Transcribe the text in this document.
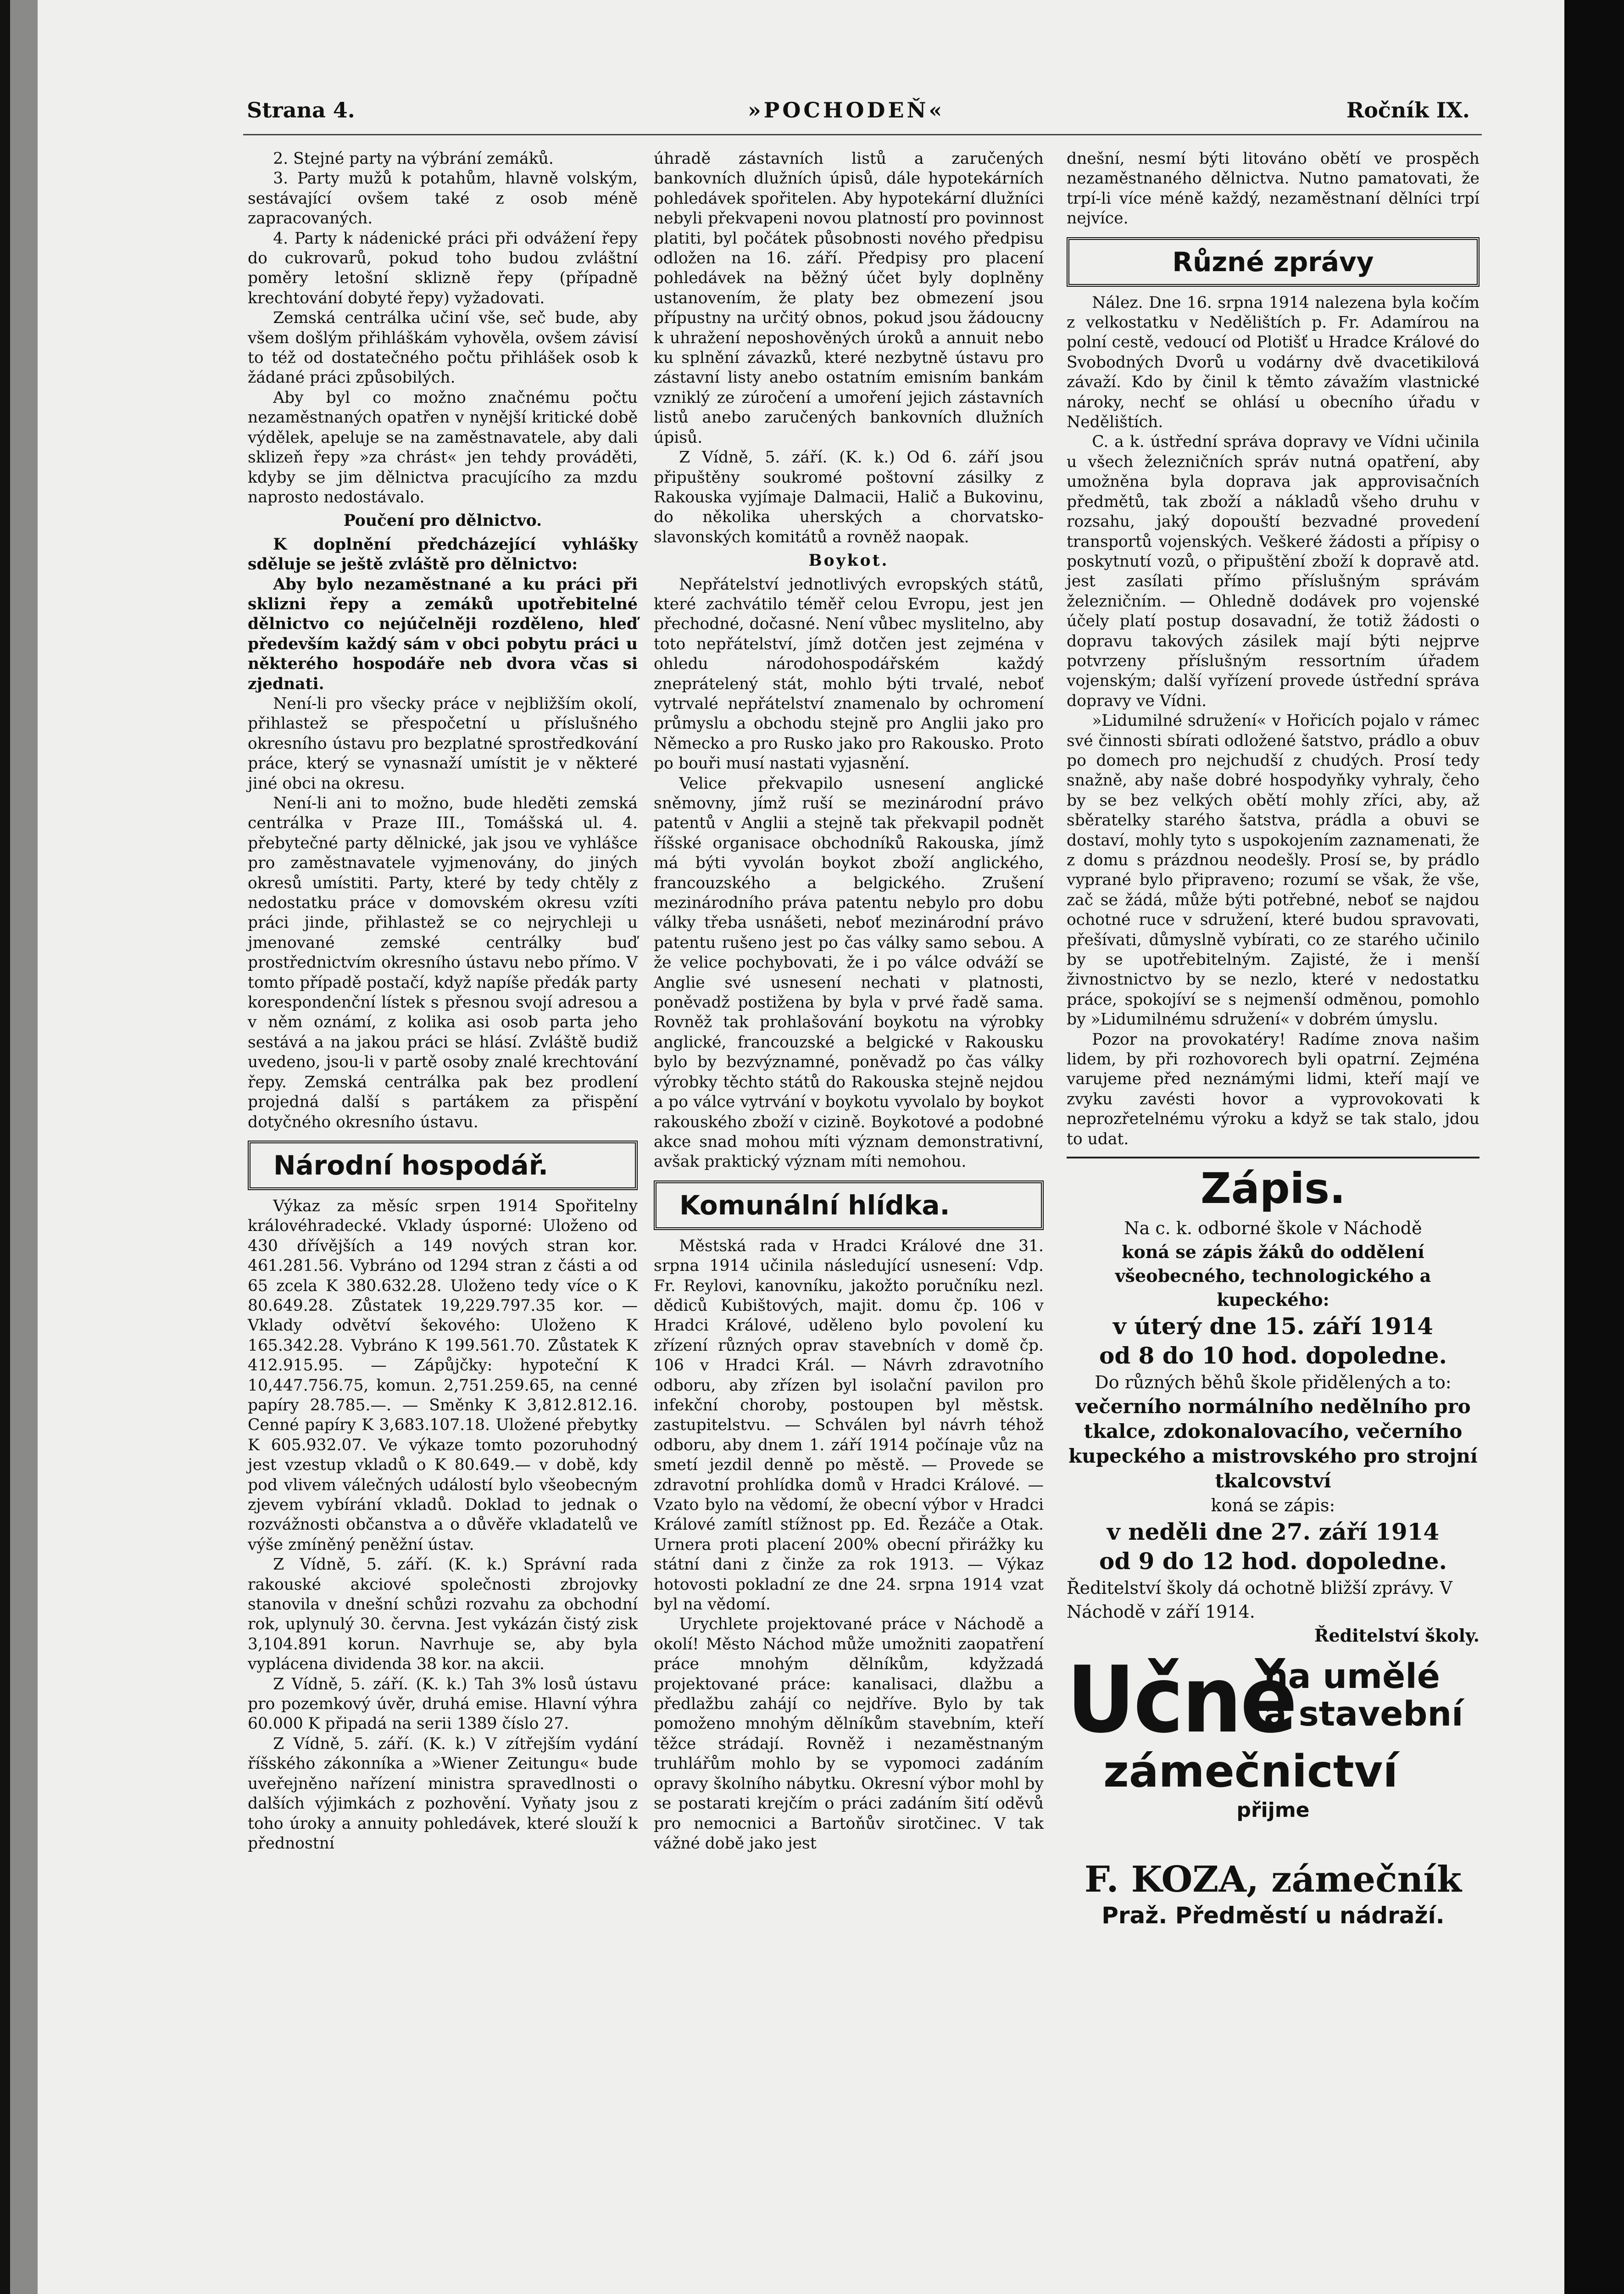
Strana 4.	»POCHODEŇ«	Ročník IX.

2. Stejné party na výbrání zemáků.

3. Party mužů k potahům, hlavně volským, sestávající ovšem také z osob méně zapracovaných.

4. Party k nádenické práci při odvážení řepy do cukrovarů, pokud toho budou zvláštní poměry letošní sklizně řepy (případně krechtování dobyté řepy) vyžadovati.

Zemská centrálka učiní vše, seč bude, aby všem došlým přihláškám vyhověla, ovšem závisí to též od dostatečného počtu přihlášek osob k žádané práci způsobilých.

Aby byl co možno značnému počtu nezaměstnaných opatřen v nynější kritické době výdělek, apeluje se na zaměstnavatele, aby dali sklizeň řepy »za chrást« jen tehdy prováděti, kdyby se jim dělnictva pracujícího za mzdu naprosto nedostávalo.

Poučení pro dělnictvo.

K doplnění předcházející vyhlášky sděluje se ještě zvláště pro dělnictvo:

Aby bylo nezaměstnané a ku práci při sklizni řepy a zemáků upotřebitelné dělnictvo co nejúčelněji rozděleno, hleď především každý sám v obci pobytu práci u některého hospodáře neb dvora včas si zjednati.

Není-li pro všecky práce v nejbližším okolí, přihlastež se přespočetní u příslušného okresního ústavu pro bezplatné sprostředkování práce, který se vynasnaží umístit je v některé jiné obci na okresu.

Není-li ani to možno, bude hleděti zemská centrálka v Praze III., Tomášská ul. 4. přebytečné party dělnické, jak jsou ve vyhlášce pro zaměstnavatele vyjmenovány, do jiných okresů umístiti. Party, které by tedy chtěly z nedostatku práce v domovském okresu vzíti práci jinde, přihlastež se co nejrychleji u jmenované zemské centrálky buď prostřednictvím okresního ústavu nebo přímo. V tomto případě postačí, když napíše předák party korespondenční lístek s přesnou svojí adresou a v něm oznámí, z kolika asi osob parta jeho sestává a na jakou práci se hlásí. Zvláště budiž uvedeno, jsou-li v partě osoby znalé krechtování řepy. Zemská centrálka pak bez prodlení projedná další s partákem za přispění dotyčného okresního ústavu.

Národní hospodář.

Výkaz za měsíc srpen 1914 Spořitelny královéhradecké. Vklady úsporné: Uloženo od 430 dřívějších a 149 nových stran kor. 461.281.56. Vybráno od 1294 stran z části a od 65 zcela K 380.632.28. Uloženo tedy více o K 80.649.28. Zůstatek 19,229.797.35 kor. — Vklady odvětví šekového: Uloženo K 165.342.28. Vybráno K 199.561.70. Zůstatek K 412.915.95. — Zápůjčky: hypoteční K 10,447.756.75, komun. 2,751.259.65, na cenné papíry 28.785.—. — Směnky K 3,812.812.16. Cenné papíry K 3,683.107.18. Uložené přebytky K 605.932.07. Ve výkaze tomto pozoruhodný jest vzestup vkladů o K 80.649.— v době, kdy pod vlivem válečných událostí bylo všeobecným zjevem vybírání vkladů. Doklad to jednak o rozvážnosti občanstva a o důvěře vkladatelů ve výše zmíněný peněžní ústav.

Z Vídně, 5. září. (K. k.) Správní rada rakouské akciové společnosti zbrojovky stanovila v dnešní schůzi rozvahu za obchodní rok, uplynulý 30. června. Jest vykázán čistý zisk 3,104.891 korun. Navrhuje se, aby byla vyplácena dividenda 38 kor. na akcii.

Z Vídně, 5. září. (K. k.) Tah 3% losů ústavu pro pozemkový úvěr, druhá emise. Hlavní výhra 60.000 K připadá na serii 1389 číslo 27.

Z Vídně, 5. září. (K. k.) V zítřejším vydání říšského zákonníka a »Wiener Zeitungu« bude uveřejněno nařízení ministra spravedlnosti o dalších výjimkách z pozhovění. Vyňaty jsou z toho úroky a annuity pohledávek, které slouží k přednostní

úhradě zástavních listů a zaručených bankovních dlužních úpisů, dále hypotekárních pohledávek spořitelen. Aby hypotekární dlužníci nebyli překvapeni novou platností pro povinnost platiti, byl počátek působnosti nového předpisu odložen na 16. září. Předpisy pro placení pohledávek na běžný účet byly doplněny ustanovením, že platy bez obmezení jsou přípustny na určitý obnos, pokud jsou žádoucny k uhražení neposhověných úroků a annuit nebo ku splnění závazků, které nezbytně ústavu pro zástavní listy anebo ostatním emisním bankám vzniklý ze zúročení a umoření jejich zástavních listů anebo zaručených bankovních dlužních úpisů.

Z Vídně, 5. září. (K. k.) Od 6. září jsou připuštěny soukromé poštovní zásilky z Rakouska vyjímaje Dalmacii, Halič a Bukovinu, do několika uherských a chorvatsko-slavonských komitátů a rovněž naopak.

Boykot.

Nepřátelství jednotlivých evropských států, které zachvátilo téměř celou Evropu, jest jen přechodné, dočasné. Není vůbec myslitelno, aby toto nepřátelství, jímž dotčen jest zejména v ohledu národohospodářském každý zneprátelený stát, mohlo býti trvalé, neboť vytrvalé nepřátelství znamenalo by ochromení průmyslu a obchodu stejně pro Anglii jako pro Německo a pro Rusko jako pro Rakousko. Proto po bouři musí nastati vyjasnění.

Velice překvapilo usnesení anglické sněmovny, jímž ruší se mezinárodní právo patentů v Anglii a stejně tak překvapil podnět říšské organisace obchodníků Rakouska, jímž má býti vyvolán boykot zboží anglického, francouzského a belgického. Zrušení mezinárodního práva patentu nebylo pro dobu války třeba usnášeti, neboť mezinárodní právo patentu rušeno jest po čas války samo sebou. A že velice pochybovati, že i po válce odváží se Anglie své usnesení nechati v platnosti, poněvadž postižena by byla v prvé řadě sama. Rovněž tak prohlašování boykotu na výrobky anglické, francouzské a belgické v Rakousku bylo by bezvýznamné, poněvadž po čas války výrobky těchto států do Rakouska stejně nejdou a po válce vytrvání v boykotu vyvolalo by boykot rakouského zboží v cizině. Boykotové a podobné akce snad mohou míti význam demonstrativní, avšak praktický význam míti nemohou.

Komunální hlídka.

Městská rada v Hradci Králové dne 31. srpna 1914 učinila následující usnesení: Vdp. Fr. Reylovi, kanovníku, jakožto poručníku nezl. dědiců Kubištových, majit. domu čp. 106 v Hradci Králové, uděleno bylo povolení ku zřízení různých oprav stavebních v domě čp. 106 v Hradci Král. — Návrh zdravotního odboru, aby zřízen byl isolační pavilon pro infekční choroby, postoupen byl městsk. zastupitelstvu. — Schválen byl návrh téhož odboru, aby dnem 1. září 1914 počínaje vůz na smetí jezdil denně po městě. — Provede se zdravotní prohlídka domů v Hradci Králové. — Vzato bylo na vědomí, že obecní výbor v Hradci Králové zamítl stížnost pp. Ed. Řezáče a Otak. Urnera proti placení 200% obecní přirážky ku státní dani z činže za rok 1913. — Výkaz hotovosti pokladní ze dne 24. srpna 1914 vzat byl na vědomí.

Urychlete projektované práce v Náchodě a okolí! Město Náchod může umožniti zaopatření práce mnohým dělníkům, kdyžzadá projektované práce: kanalisaci, dlažbu a předlažbu zahájí co nejdříve. Bylo by tak pomoženo mnohým dělníkům stavebním, kteří těžce strádají. Rovněž i nezaměstnaným truhlářům mohlo by se vypomoci zadáním opravy školního nábytku. Okresní výbor mohl by se postarati krejčím o práci zadáním šití oděvů pro nemocnici a Bartoňův sirotčinec. V tak vážné době jako jest

dnešní, nesmí býti litováno obětí ve prospěch nezaměstnaného dělnictva. Nutno pamatovati, že trpí-li více méně každý, nezaměstnaní dělníci trpí nejvíce.

Různé zprávy

Nález. Dne 16. srpna 1914 nalezena byla kočím z velkostatku v Nedělištích p. Fr. Adamírou na polní cestě, vedoucí od Plotišť u Hradce Králové do Svobodných Dvorů u vodárny dvě dvacetikilová závaží. Kdo by činil k těmto závažím vlastnické nároky, nechť se ohlásí u obecního úřadu v Nedělištích.

C. a k. ústřední správa dopravy ve Vídni učinila u všech železničních správ nutná opatření, aby umožněna byla doprava jak approvisačních předmětů, tak zboží a nákladů všeho druhu v rozsahu, jaký dopouští bezvadné provedení transportů vojenských. Veškeré žádosti a přípisy o poskytnutí vozů, o připuštění zboží k dopravě atd. jest zasílati přímo příslušným správám železničním. — Ohledně dodávek pro vojenské účely platí postup dosavadní, že totiž žádosti o dopravu takových zásilek mají býti nejprve potvrzeny příslušným ressortním úřadem vojenským; další vyřízení provede ústřední správa dopravy ve Vídni.

»Lidumilné sdružení« v Hořicích pojalo v rámec své činnosti sbírati odložené šatstvo, prádlo a obuv po domech pro nejchudší z chudých. Prosí tedy snažně, aby naše dobré hospodyňky vyhraly, čeho by se bez velkých obětí mohly zříci, aby, až sběratelky starého šatstva, prádla a obuvi se dostaví, mohly tyto s uspokojením zaznamenati, že z domu s prázdnou neodešly. Prosí se, by prádlo vyprané bylo připraveno; rozumí se však, že vše, zač se žádá, může býti potřebné, neboť se najdou ochotné ruce v sdružení, které budou spravovati, přešívati, důmyslně vybírati, co ze starého učinilo by se upotřebitelným. Zajisté, že i menší živnostnictvo by se nezlo, které v nedostatku práce, spokojíví se s nejmenší odměnou, pomohlo by »Lidumilnému sdružení« v dobrém úmyslu.

Pozor na provokatéry! Radíme znova našim lidem, by při rozhovorech byli opatrní. Zejména varujeme před neznámými lidmi, kteří mají ve zvyku zavésti hovor a vyprovokovati k neprozřetelnému výroku a když se tak stalo, jdou to udat.

Zápis.
Na c. k. odborné škole v Náchodě
koná se zápis žáků do oddělení všeobecného, technologického a kupeckého:
v úterý dne 15. září 1914
od 8 do 10 hod. dopoledne.
Do různých běhů škole přidělených a to:
večerního normálního nedělního pro tkalce, zdokonalovacího, večerního kupeckého a mistrovského pro strojní tkalcovství
koná se zápis:
v neděli dne 27. září 1914
od 9 do 12 hod. dopoledne.
Ředitelství školy dá ochotně bližší zprávy. V Náchodě v září 1914.
Ředitelství školy.
Učně
na umělé
a stavební
zámečnictví
přijme
F. KOZA, zámečník
Praž. Předměstí u nádraží.
